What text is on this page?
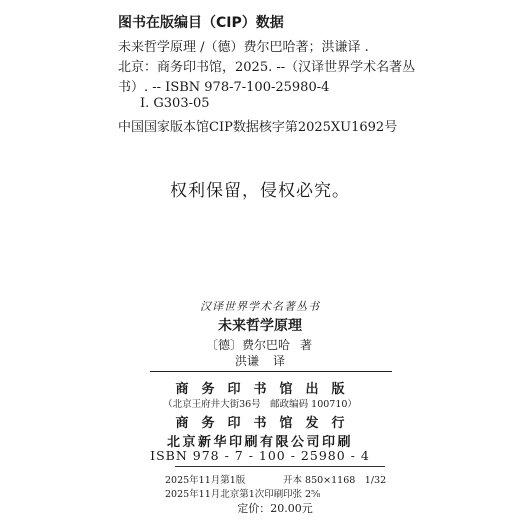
图书在版编目（CIP）数据
未来哲学原理 /（德）费尔巴哈著；洪谦译 .
北京：商务印书馆，2025. --（汉译世界学术名著丛
书）. -- ISBN 978-7-100-25980-4
Ⅰ. G303-05
中国国家版本馆CIP数据核字第2025XU1692号
权利保留，侵权必究。
汉译世界学术名著丛书
未来哲学原理
〔德〕费尔巴哈 著
洪谦 译
商务印书馆出版
（北京王府井大街36号　邮政编码 100710）
商务印书馆发行
北京新华印刷有限公司印刷
ISBN 978 - 7 - 100 - 25980 - 4
2025年11月第1版	开本 850×1168　1/32
2025年11月北京第1次印刷 印张 2⅝
定价：20.00元
